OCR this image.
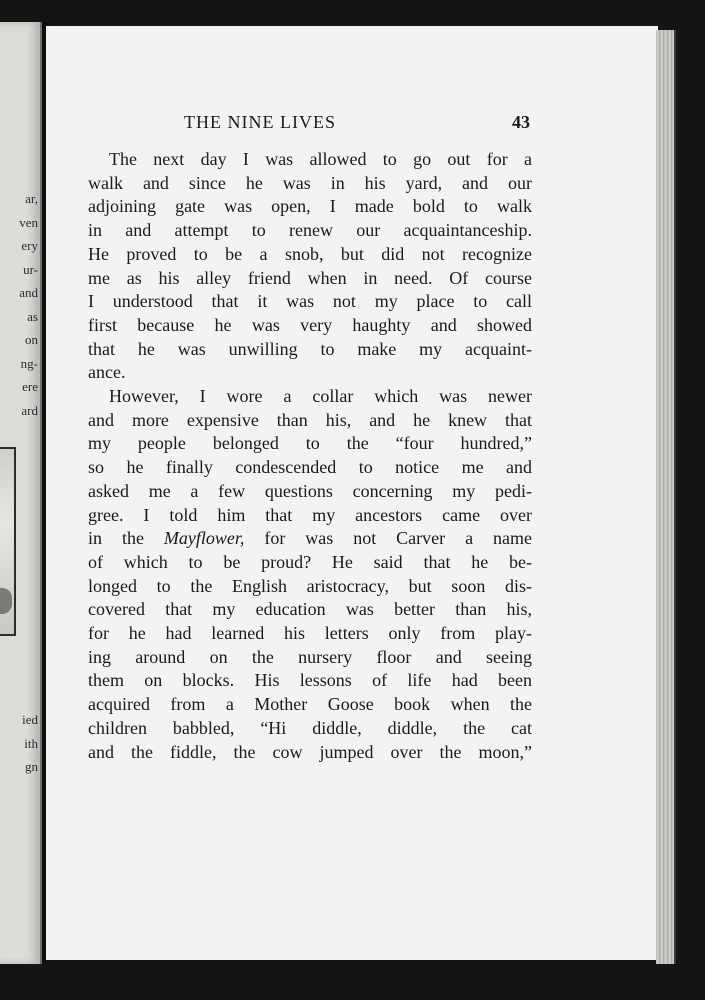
ar,
ven
ery
ur-
and
as
on
ng-
ere
ard
ied
ith
gn
THE NINE LIVES	43
The next day I was allowed to go out for a
walk and since he was in his yard, and our
adjoining gate was open, I made bold to walk
in and attempt to renew our acquaintanceship.
He proved to be a snob, but did not recognize
me as his alley friend when in need. Of course
I understood that it was not my place to call
first because he was very haughty and showed
that he was unwilling to make my acquaint-
ance.
However, I wore a collar which was newer
and more expensive than his, and he knew that
my people belonged to the “four hundred,”
so he finally condescended to notice me and
asked me a few questions concerning my pedi-
gree. I told him that my ancestors came over
in the Mayflower, for was not Carver a name
of which to be proud? He said that he be-
longed to the English aristocracy, but soon dis-
covered that my education was better than his,
for he had learned his letters only from play-
ing around on the nursery floor and seeing
them on blocks. His lessons of life had been
acquired from a Mother Goose book when the
children babbled, “Hi diddle, diddle, the cat
and the fiddle, the cow jumped over the moon,”
